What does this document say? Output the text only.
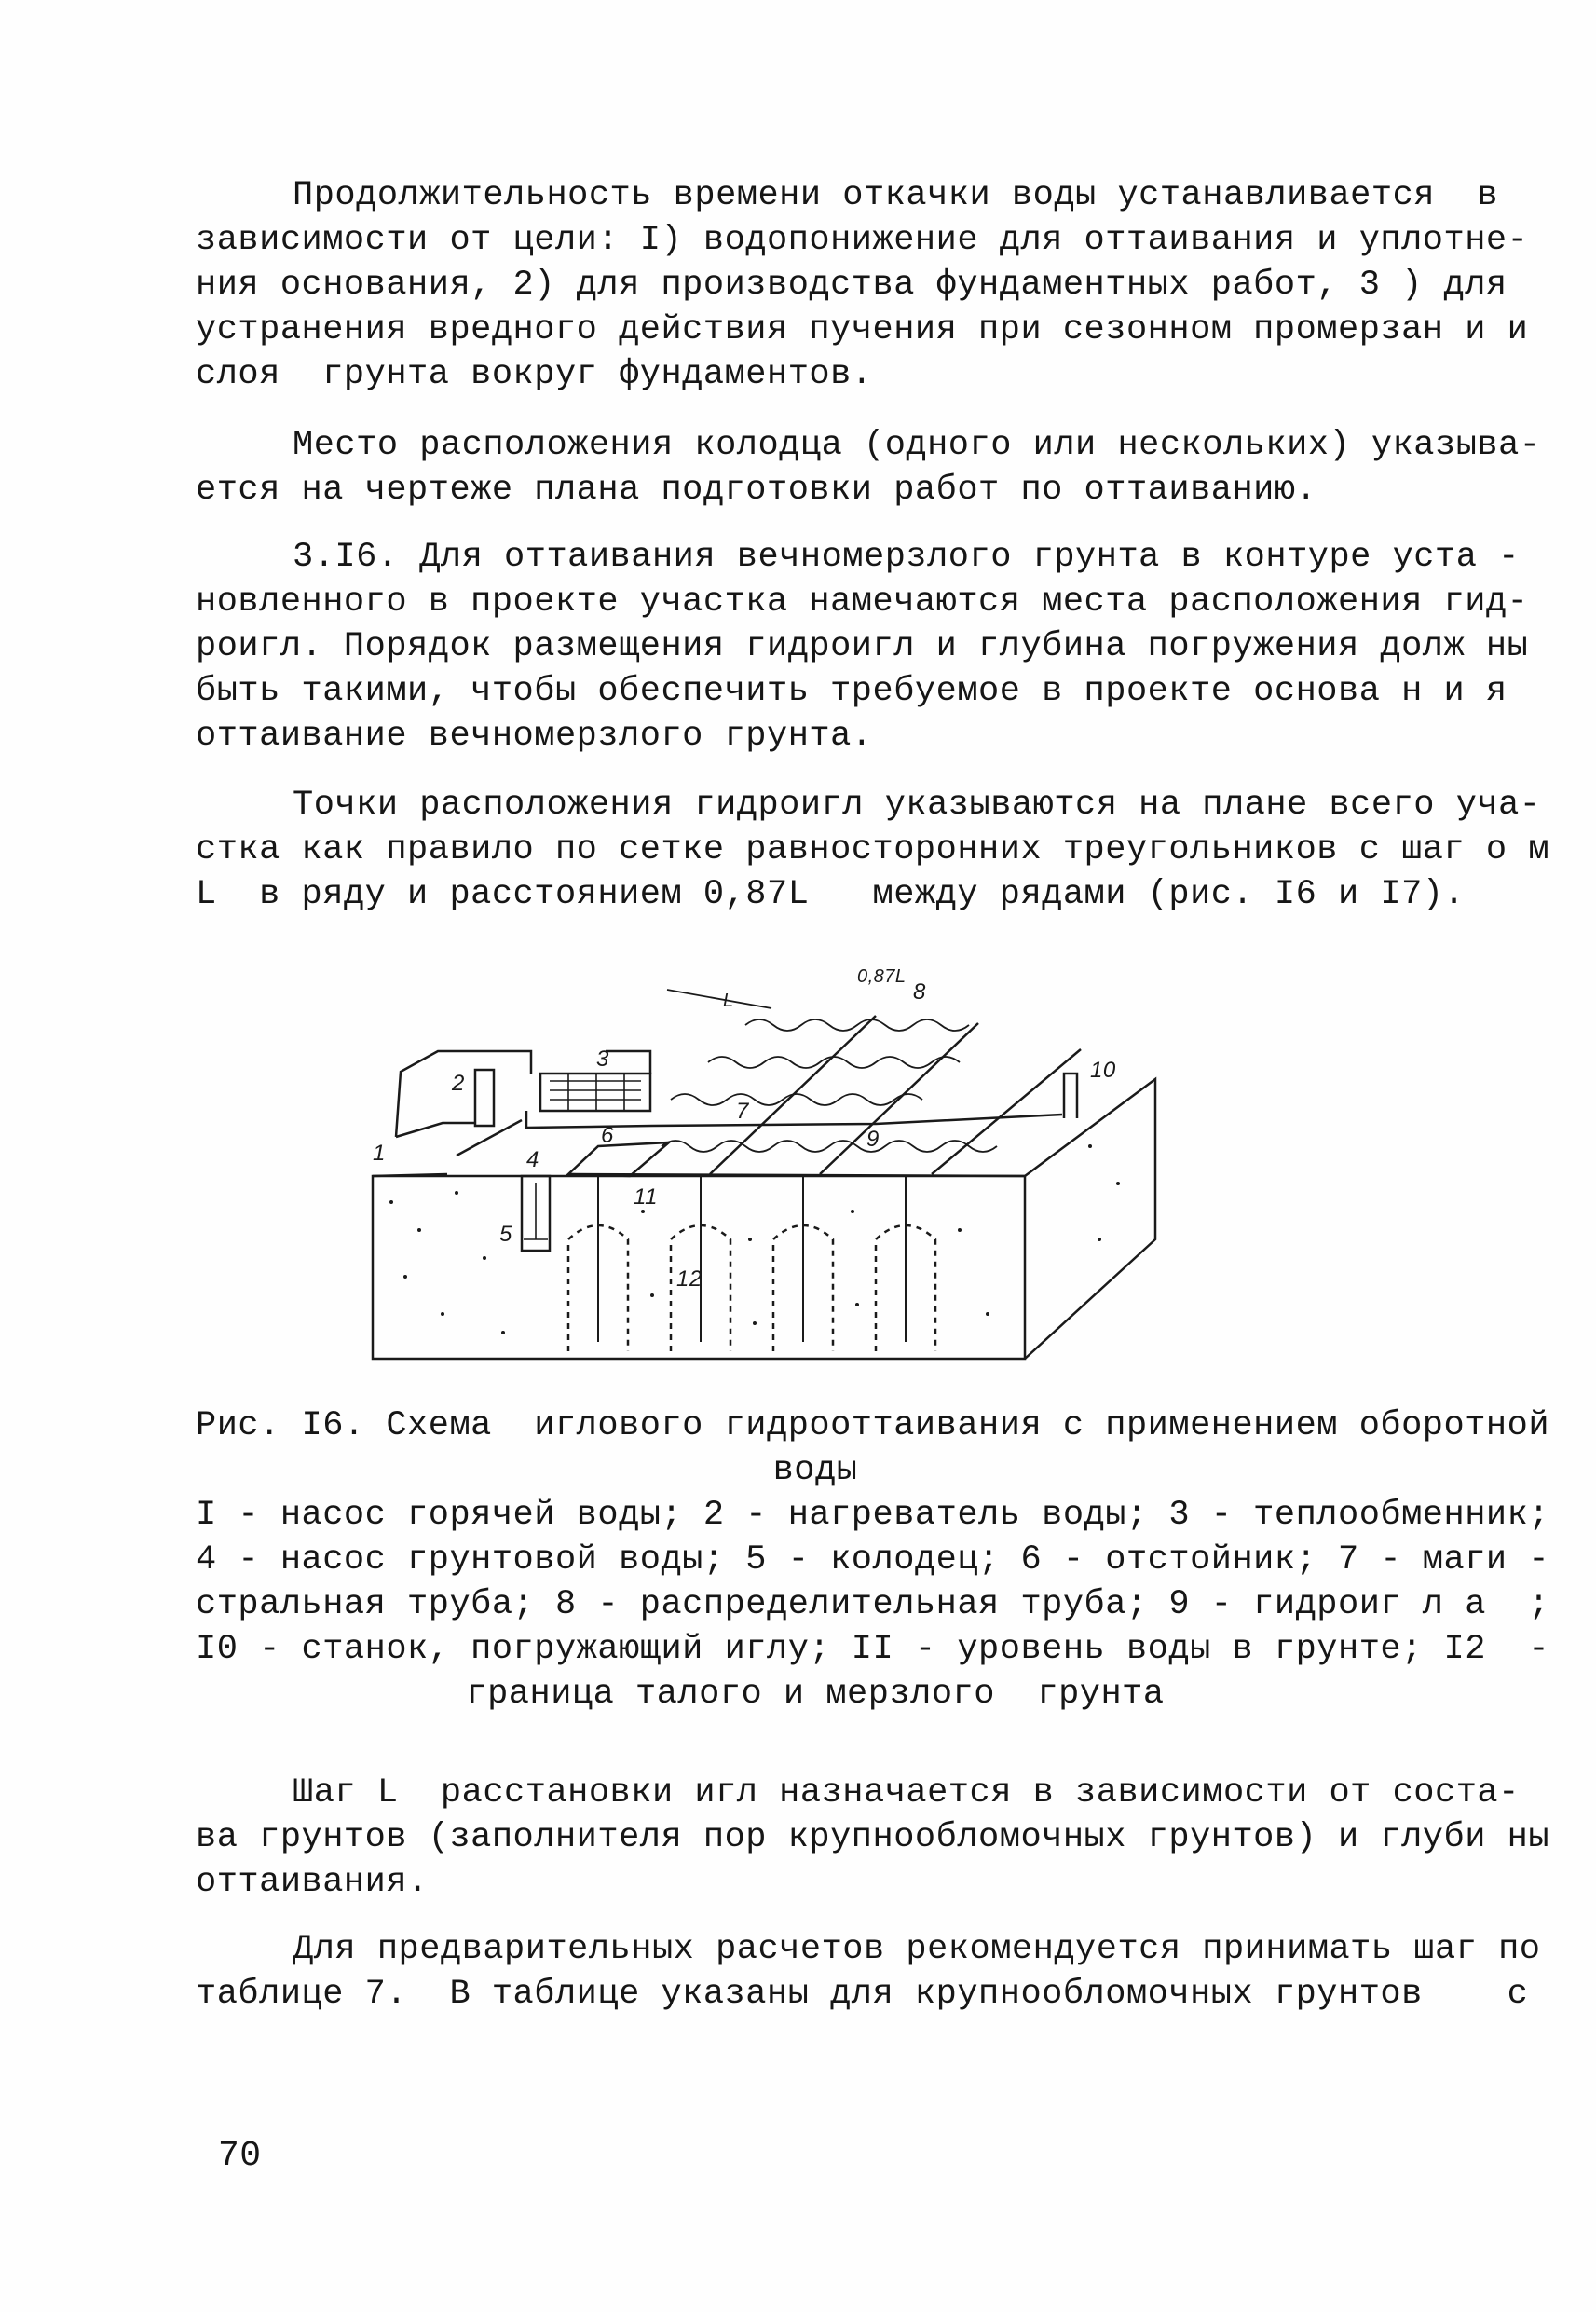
Продолжительность времени откачки воды устанавливается  в
зависимости от цели: I) водопонижение для оттаивания и уплотне-
ния основания, 2) для производства фундаментных работ, 3 ) для
устранения вредного действия пучения при сезонном промерзан и и
слоя  грунта вокруг фундаментов.
Место расположения колодца (одного или нескольких) указыва-
ется на чертеже плана подготовки работ по оттаиванию.
3.I6. Для оттаивания вечномерзлого грунта в контуре уста -
новленного в проекте участка намечаются места расположения гид-
роигл. Порядок размещения гидроигл и глубина погружения долж ны
быть такими, чтобы обеспечить требуемое в проекте основа н и я
оттаивание вечномерзлого грунта.
Точки расположения гидроигл указываются на плане всего уча-
стка как правило по сетке равносторонних треугольников с шаг о м
L  в ряду и расстоянием 0,87L   между рядами (рис. I6 и I7).
1
2
3
4
5
6
7
8
9
10
11
12
0,87L
L
Рис. I6. Схема  иглового гидрооттаивания с применением оборотной
воды
I - насос горячей воды; 2 - нагреватель воды; 3 - теплообменник;
4 - насос грунтовой воды; 5 - колодец; 6 - отстойник; 7 - маги -
стральная труба; 8 - распределительная труба; 9 - гидроиг л а  ;
I0 - станок, погружающий иглу; II - уровень воды в грунте; I2  -
граница талого и мерзлого  грунта
Шаг L  расстановки игл назначается в зависимости от соста-
ва грунтов (заполнителя пор крупнообломочных грунтов) и глуби ны
оттаивания.
Для предварительных расчетов рекомендуется принимать шаг по
таблице 7.  В таблице указаны для крупнообломочных грунтов    с
70
